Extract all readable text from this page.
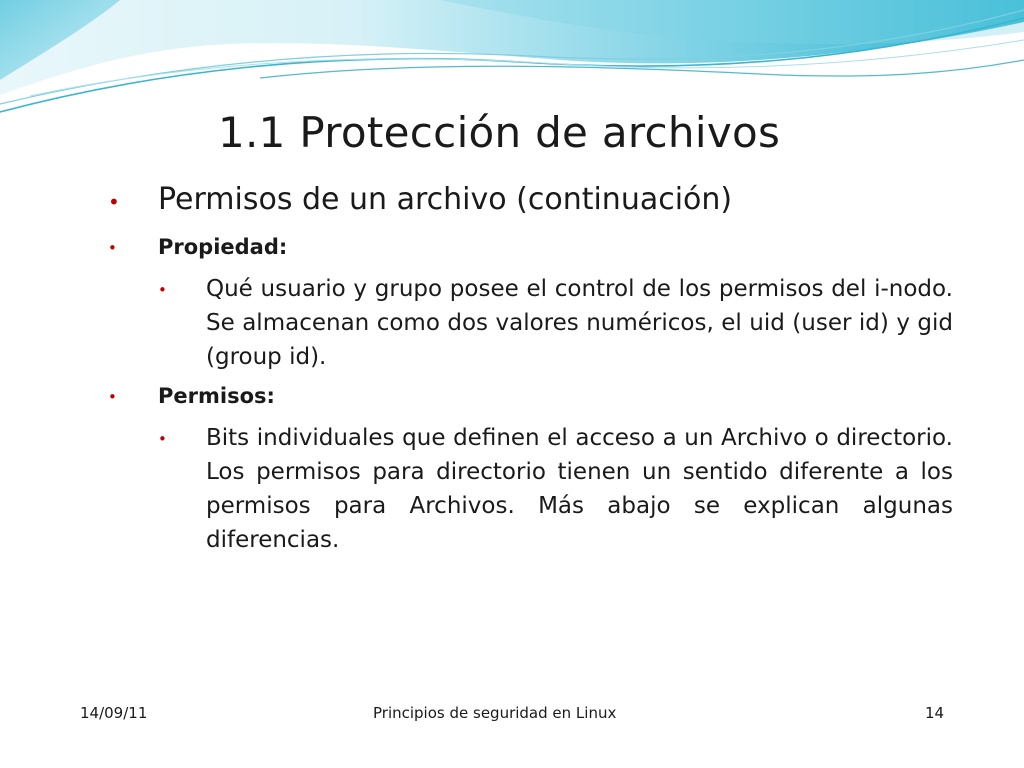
1.1 Protección de archivos
• Permisos de un archivo (continuación)
• Propiedad:
• Qué usuario y grupo posee el control de los permisos del i-nodo. Se almacenan como dos valores numéricos, el uid (user id) y gid (group id).
• Permisos:
• Bits individuales que definen el acceso a un Archivo o directorio. Los permisos para directorio tienen un sentido diferente a los permisos para Archivos. Más abajo se explican algunas diferencias.
14/09/11	Principios de seguridad en Linux	14
